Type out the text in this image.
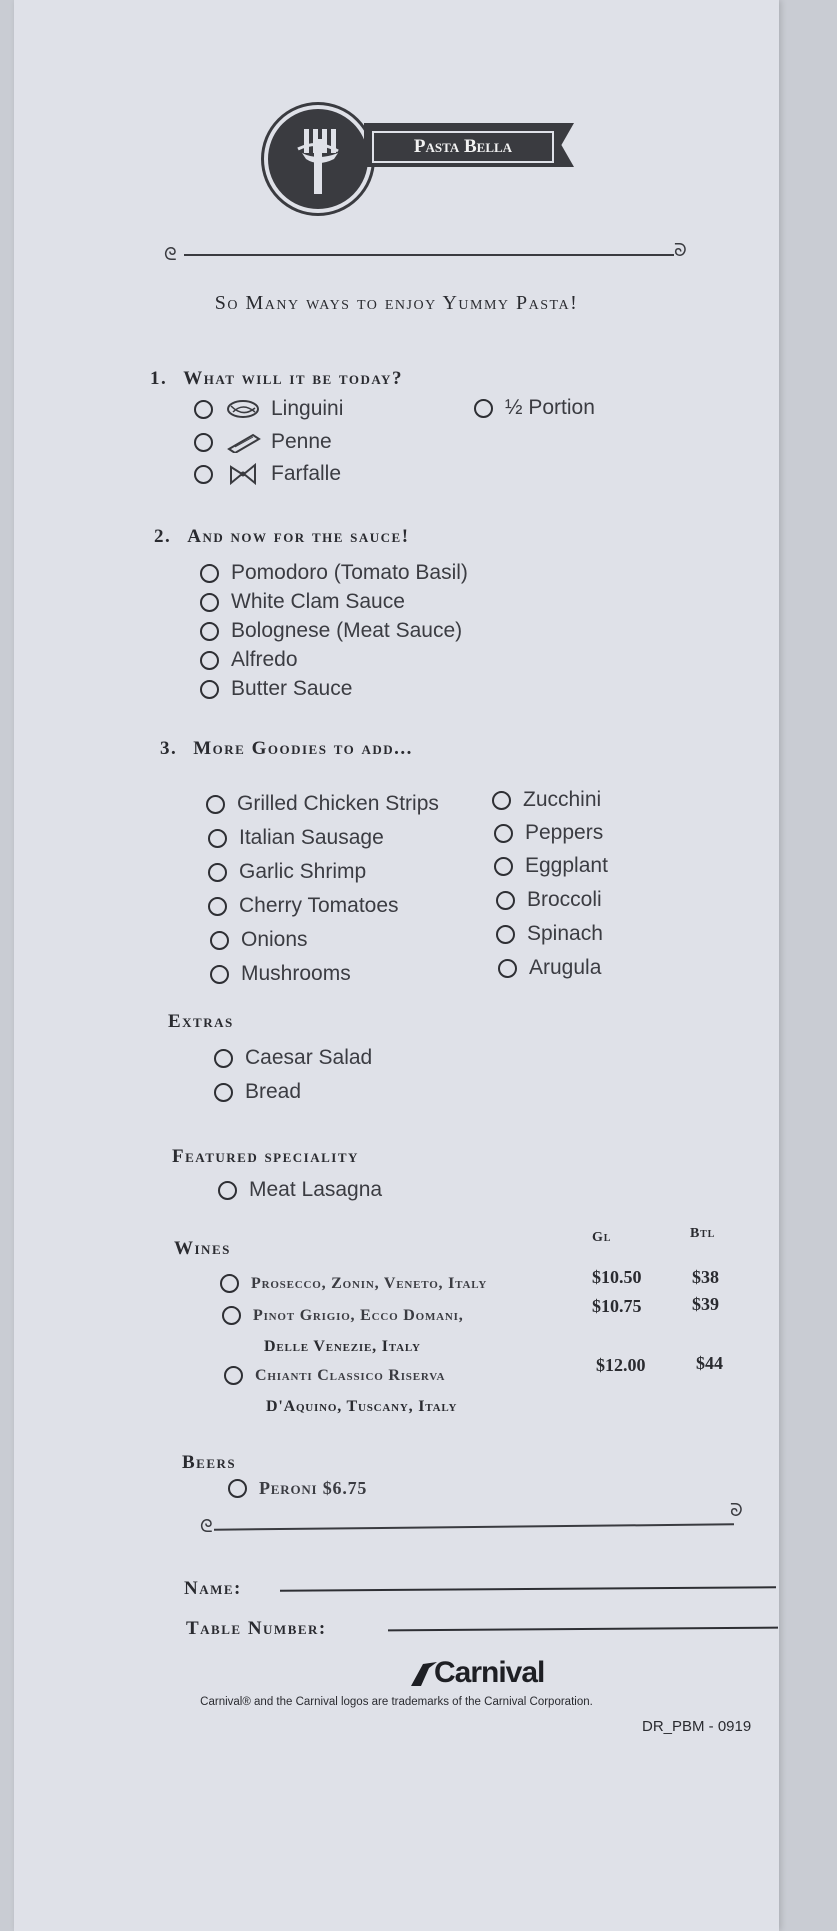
Pasta Bella
ᘓ	ᘐ
So Many ways to enjoy Yummy Pasta!
1. What will it be today?
Linguini
Penne
Farfalle
½ Portion
2. And now for the sauce!
Pomodoro (Tomato Basil)
White Clam Sauce
Bolognese (Meat Sauce)
Alfredo
Butter Sauce
3. More Goodies to add...
Grilled Chicken Strips
Italian Sausage
Garlic Shrimp
Cherry Tomatoes
Onions
Mushrooms
Zucchini
Peppers
Eggplant
Broccoli
Spinach
Arugula
Extras
Caesar Salad
Bread
Featured speciality
Meat Lasagna
Wines
Gl	Btl
Prosecco, Zonin, Veneto, Italy	$10.50	$38
Pinot Grigio, Ecco Domani,
Delle Venezie, Italy
$10.75	$39
Chianti Classico Riserva
D'Aquino, Tuscany, Italy
$12.00	$44
Beers
Peroni $6.75
ᘓ
ᘐ
Name:
Table Number:
Carnival
Carnival® and the Carnival logos are trademarks of the Carnival Corporation.
DR_PBM - 0919
